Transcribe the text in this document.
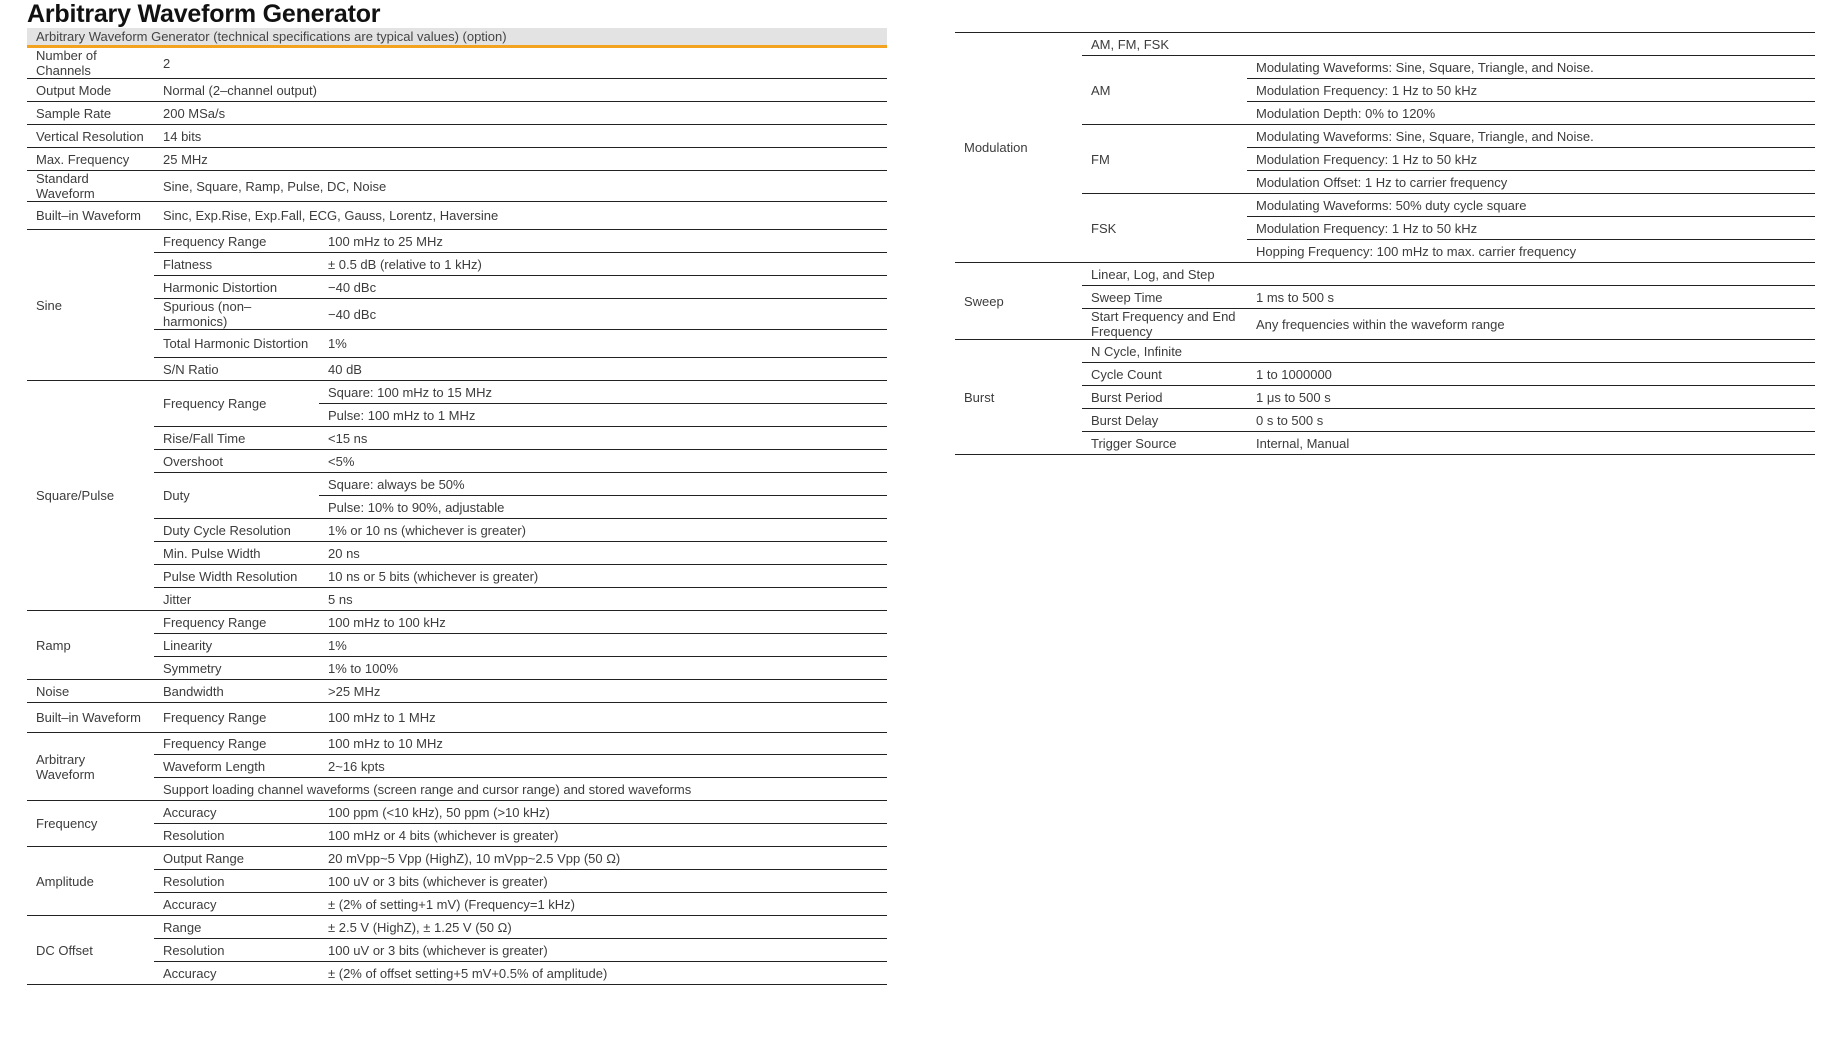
Arbitrary Waveform Generator
Arbitrary Waveform Generator (technical specifications are typical values) (option)		
Number of Channels	2	
Output Mode	Normal (2–channel output)	
Sample Rate	200 MSa/s	
Vertical Resolution	14 bits	
Max. Frequency	25 MHz	
Standard Waveform	Sine, Square, Ramp, Pulse, DC, Noise	
Built–in Waveform	Sinc, Exp.Rise, Exp.Fall, ECG, Gauss, Lorentz, Haversine	
Sine	Frequency Range	100 mHz to 25 MHz
	Flatness	± 0.5 dB (relative to 1 kHz)
	Harmonic Distortion	−40 dBc
	Spurious (non–harmonics)	−40 dBc
	Total Harmonic Distortion	1%
	S/N Ratio	40 dB
Square/Pulse	Frequency Range	Square: 100 mHz to 15 MHz
		Pulse: 100 mHz to 1 MHz
	Rise/Fall Time	<15 ns
	Overshoot	<5%
	Duty	Square: always be 50%
		Pulse: 10% to 90%, adjustable
	Duty Cycle Resolution	1% or 10 ns (whichever is greater)
	Min. Pulse Width	20 ns
	Pulse Width Resolution	10 ns or 5 bits (whichever is greater)
	Jitter	5 ns
Ramp	Frequency Range	100 mHz to 100 kHz
	Linearity	1%
	Symmetry	1% to 100%
Noise	Bandwidth	>25 MHz
Built–in Waveform	Frequency Range	100 mHz to 1 MHz
Arbitrary Waveform	Frequency Range	100 mHz to 10 MHz
	Waveform Length	2~16 kpts
	Support loading channel waveforms (screen range and cursor range) and stored waveforms	
Frequency	Accuracy	100 ppm (<10 kHz), 50 ppm (>10 kHz)
	Resolution	100 mHz or 4 bits (whichever is greater)
Amplitude	Output Range	20 mVpp~5 Vpp (HighZ), 10 mVpp~2.5 Vpp (50 Ω)
	Resolution	100 uV or 3 bits (whichever is greater)
	Accuracy	± (2% of setting+1 mV) (Frequency=1 kHz)
DC Offset	Range	± 2.5 V (HighZ), ± 1.25 V (50 Ω)
	Resolution	100 uV or 3 bits (whichever is greater)
	Accuracy	± (2% of offset setting+5 mV+0.5% of amplitude)
Modulation	AM, FM, FSK	
	AM	Modulating Waveforms: Sine, Square, Triangle, and Noise.
		Modulation Frequency: 1 Hz to 50 kHz
		Modulation Depth: 0% to 120%
	FM	Modulating Waveforms: Sine, Square, Triangle, and Noise.
		Modulation Frequency: 1 Hz to 50 kHz
		Modulation Offset: 1 Hz to carrier frequency
	FSK	Modulating Waveforms: 50% duty cycle square
		Modulation Frequency: 1 Hz to 50 kHz
		Hopping Frequency: 100 mHz to max. carrier frequency
Sweep	Linear, Log, and Step	
	Sweep Time	1 ms to 500 s
	Start Frequency and End Frequency	Any frequencies within the waveform range
Burst	N Cycle, Infinite	
	Cycle Count	1 to 1000000
	Burst Period	1 μs to 500 s
	Burst Delay	0 s to 500 s
	Trigger Source	Internal, Manual
